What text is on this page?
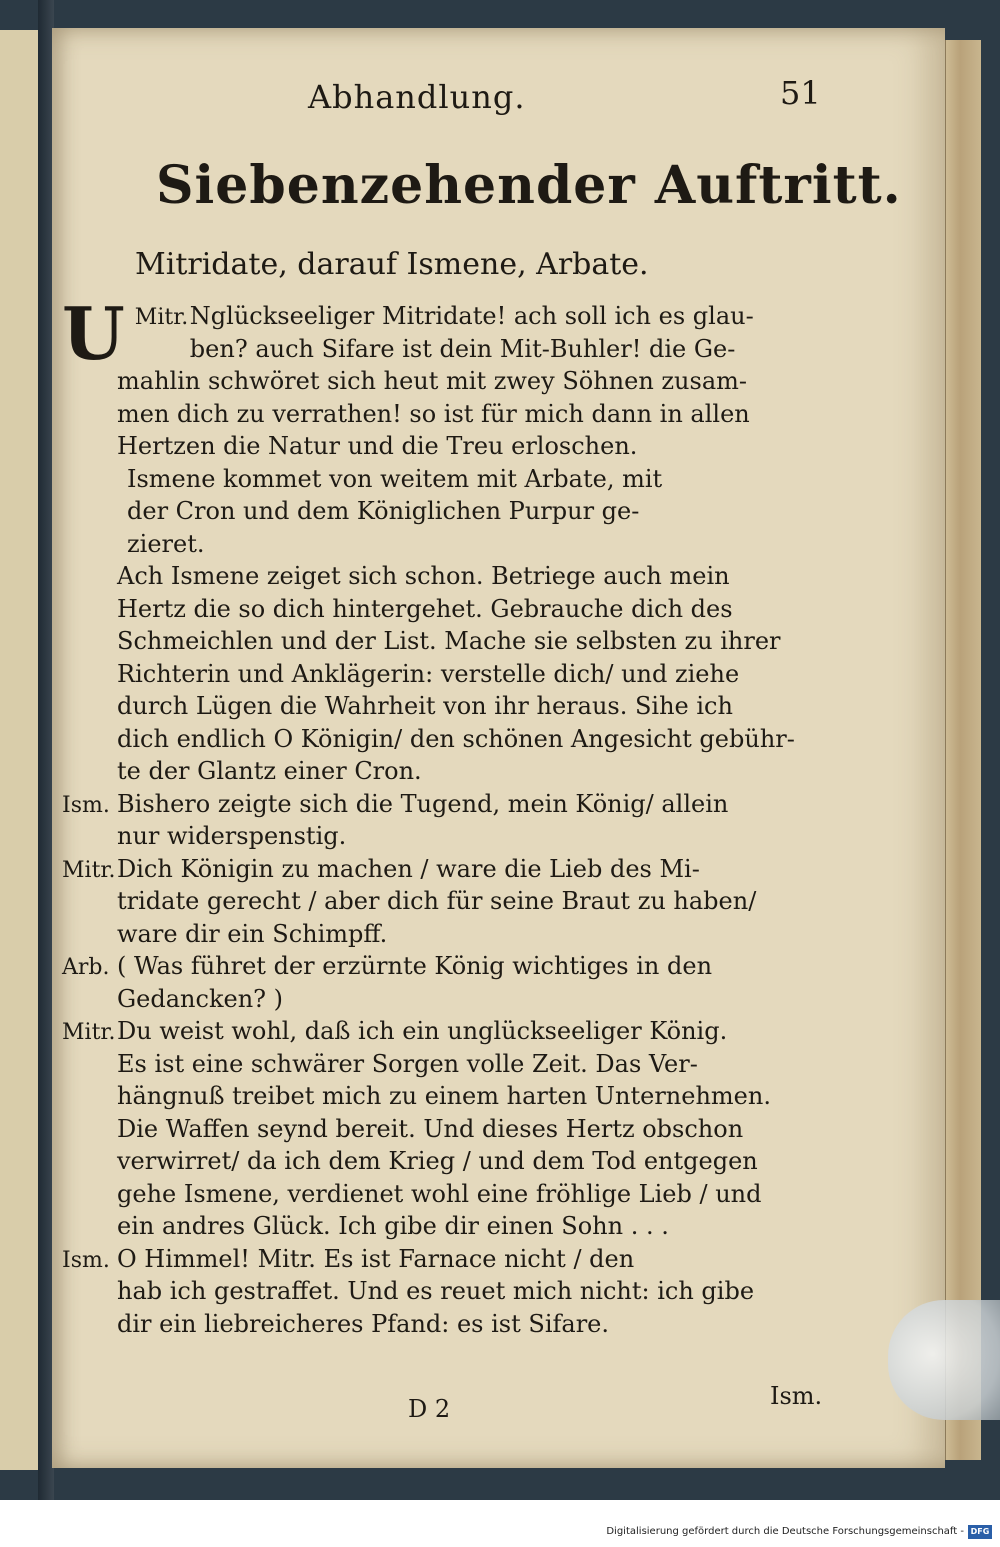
Abhandlung.	51
Siebenzehender Auftritt.
Mitridate, darauf Ismene, Arbate.
Mitr.
U	Nglückseeliger Mitridate! ach soll ich es glau-
ben? auch Sifare ist dein Mit-Buhler! die Ge-
mahlin schwöret sich heut mit zwey Söhnen zusam-
men dich zu verrathen! so ist für mich dann in allen
Hertzen die Natur und die Treu erloschen.
Ismene kommet von weitem mit Arbate, mit
der Cron und dem Königlichen Purpur ge-
zieret.
Ach Ismene zeiget sich schon. Betriege auch mein
Hertz die so dich hintergehet. Gebrauche dich des
Schmeichlen und der List. Mache sie selbsten zu ihrer
Richterin und Anklägerin: verstelle dich/ und ziehe
durch Lügen die Wahrheit von ihr heraus. Sihe ich
dich endlich O Königin/ den schönen Angesicht gebühr-
te der Glantz einer Cron.
Ism. Bishero zeigte sich die Tugend, mein König/ allein
nur widerspenstig.
Mitr.Dich Königin zu machen / ware die Lieb des Mi-
tridate gerecht / aber dich für seine Braut zu haben/
ware dir ein Schimpff.
Arb. ( Was führet der erzürnte König wichtiges in den
Gedancken? )
Mitr.Du weist wohl, daß ich ein unglückseeliger König.
Es ist eine schwärer Sorgen volle Zeit. Das Ver-
hängnuß treibet mich zu einem harten Unternehmen.
Die Waffen seynd bereit. Und dieses Hertz obschon
verwirret/ da ich dem Krieg / und dem Tod entgegen
gehe Ismene, verdienet wohl eine fröhlige Lieb / und
ein andres Glück. Ich gibe dir einen Sohn . . .
Ism. O Himmel! Mitr. Es ist Farnace nicht / den
hab ich gestraffet. Und es reuet mich nicht: ich gibe
dir ein liebreicheres Pfand: es ist Sifare.
D 2	Ism.
Digitalisierung gefördert durch die Deutsche Forschungsgemeinschaft - DFG
